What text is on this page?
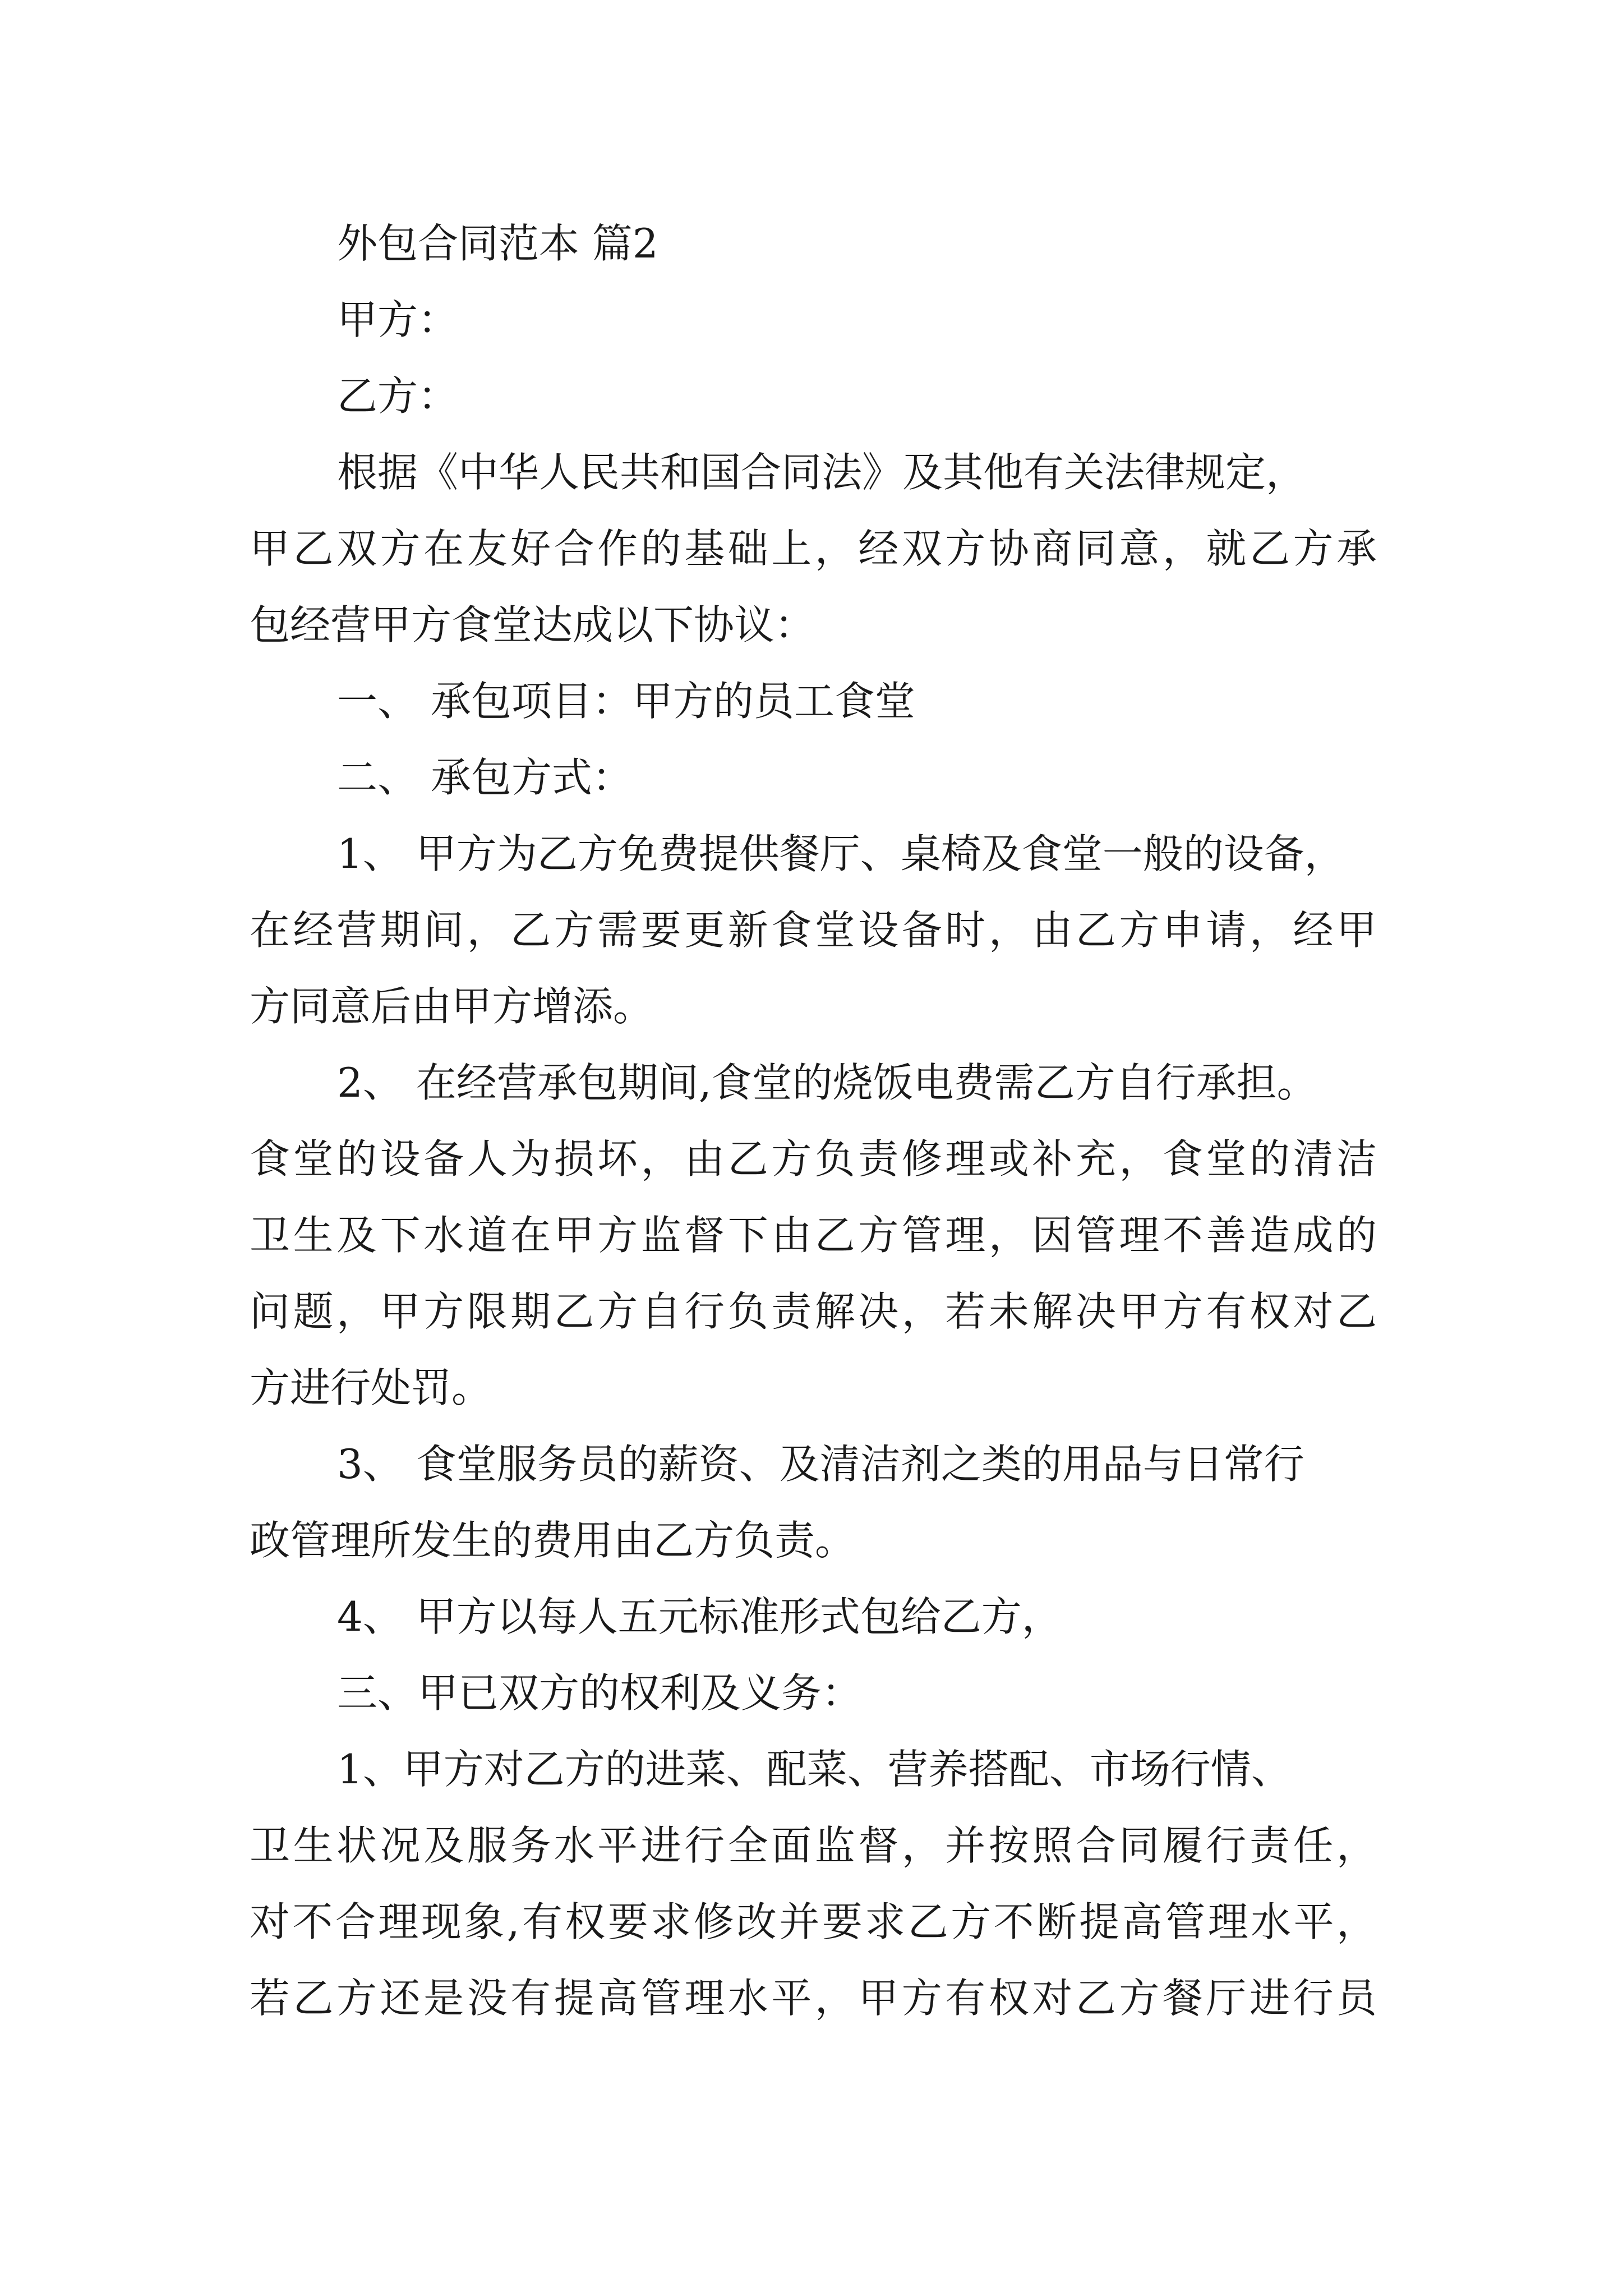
外包合同范本 篇2
甲方：
乙方：
根据《中华人民共和国合同法》及其他有关法律规定，
甲乙双方在友好合作的基础上，经双方协商同意，就乙方承
包经营甲方食堂达成以下协议：
一、 承包项目：甲方的员工食堂
二、 承包方式：
1、 甲方为乙方免费提供餐厅、桌椅及食堂一般的设备，
在经营期间，乙方需要更新食堂设备时，由乙方申请，经甲
方同意后由甲方增添。
2、 在经营承包期间,食堂的烧饭电费需乙方自行承担。
食堂的设备人为损坏，由乙方负责修理或补充，食堂的清洁
卫生及下水道在甲方监督下由乙方管理，因管理不善造成的
问题，甲方限期乙方自行负责解决，若未解决甲方有权对乙
方进行处罚。
3、 食堂服务员的薪资、及清洁剂之类的用品与日常行
政管理所发生的费用由乙方负责。
4、 甲方以每人五元标准形式包给乙方，
三、甲已双方的权利及义务：
1、甲方对乙方的进菜、配菜、营养搭配、市场行情、
卫生状况及服务水平进行全面监督，并按照合同履行责任，
对不合理现象,有权要求修改并要求乙方不断提高管理水平，
若乙方还是没有提高管理水平，甲方有权对乙方餐厅进行员
